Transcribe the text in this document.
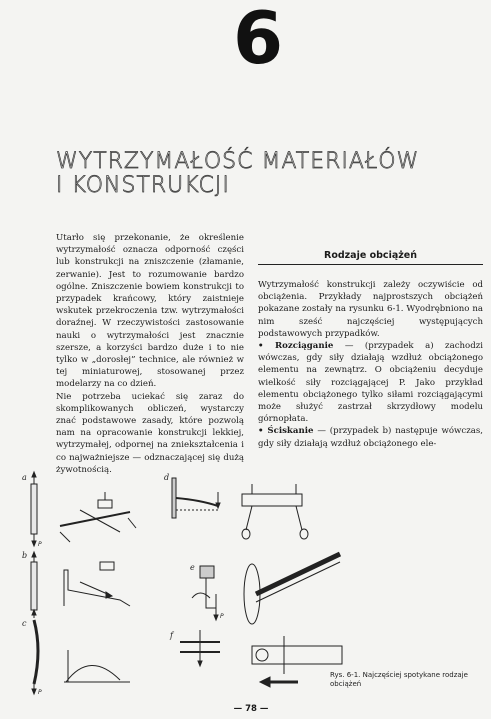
6
WYTRZYMAŁOŚĆ MATERIAŁÓW
I KONSTRUKCJI

Utarło się przekonanie, że określenie wytrzymałość oznacza odporność części lub konstrukcji na zniszczenie (złamanie, zerwanie). Jest to rozumowanie bardzo ogólne. Zniszczenie bowiem konstrukcji to przypadek krańcowy, który zaistnieje wskutek przekroczenia tzw. wytrzymałości doraźnej. W rzeczywistości zastosowanie nauki o wytrzymałości jest znacznie szersze, a korzyści bardzo duże i to nie tylko w „dorosłej” technice, ale również w tej miniaturowej, stosowanej przez modelarzy na co dzień.

Nie potrzeba uciekać się zaraz do skomplikowanych obliczeń, wystarczy znać podstawowe zasady, które pozwolą nam na opracowanie konstrukcji lekkiej, wytrzymałej, odpornej na zniekształcenia i co najważniejsze — odznaczającej się dużą żywotnością.

Rodzaje obciążeń

Wytrzymałość konstrukcji zależy oczywiście od obciążenia. Przykłady najprostszych obciążeń pokazane zostały na rysunku 6-1. Wyodrębniono na nim sześć najczęściej występujących podstawowych przypadków.

• Rozciąganie — (przypadek a) zachodzi wówczas, gdy siły działają wzdłuż obciążonego elementu na zewnątrz. O obciążeniu decyduje wielkość siły rozciągającej P. Jako przykład elementu obciążonego tylko siłami rozciągającymi może służyć zastrzał skrzydłowy modelu górnopłata.

• Ściskanie — (przypadek b) następuje wówczas, gdy siły działają wzdłuż obciążonego ele-

a
b
c
d
e
f
P
P
P
Rys. 6-1. Najczęściej spotykane rodzaje obciążeń
— 78 —
